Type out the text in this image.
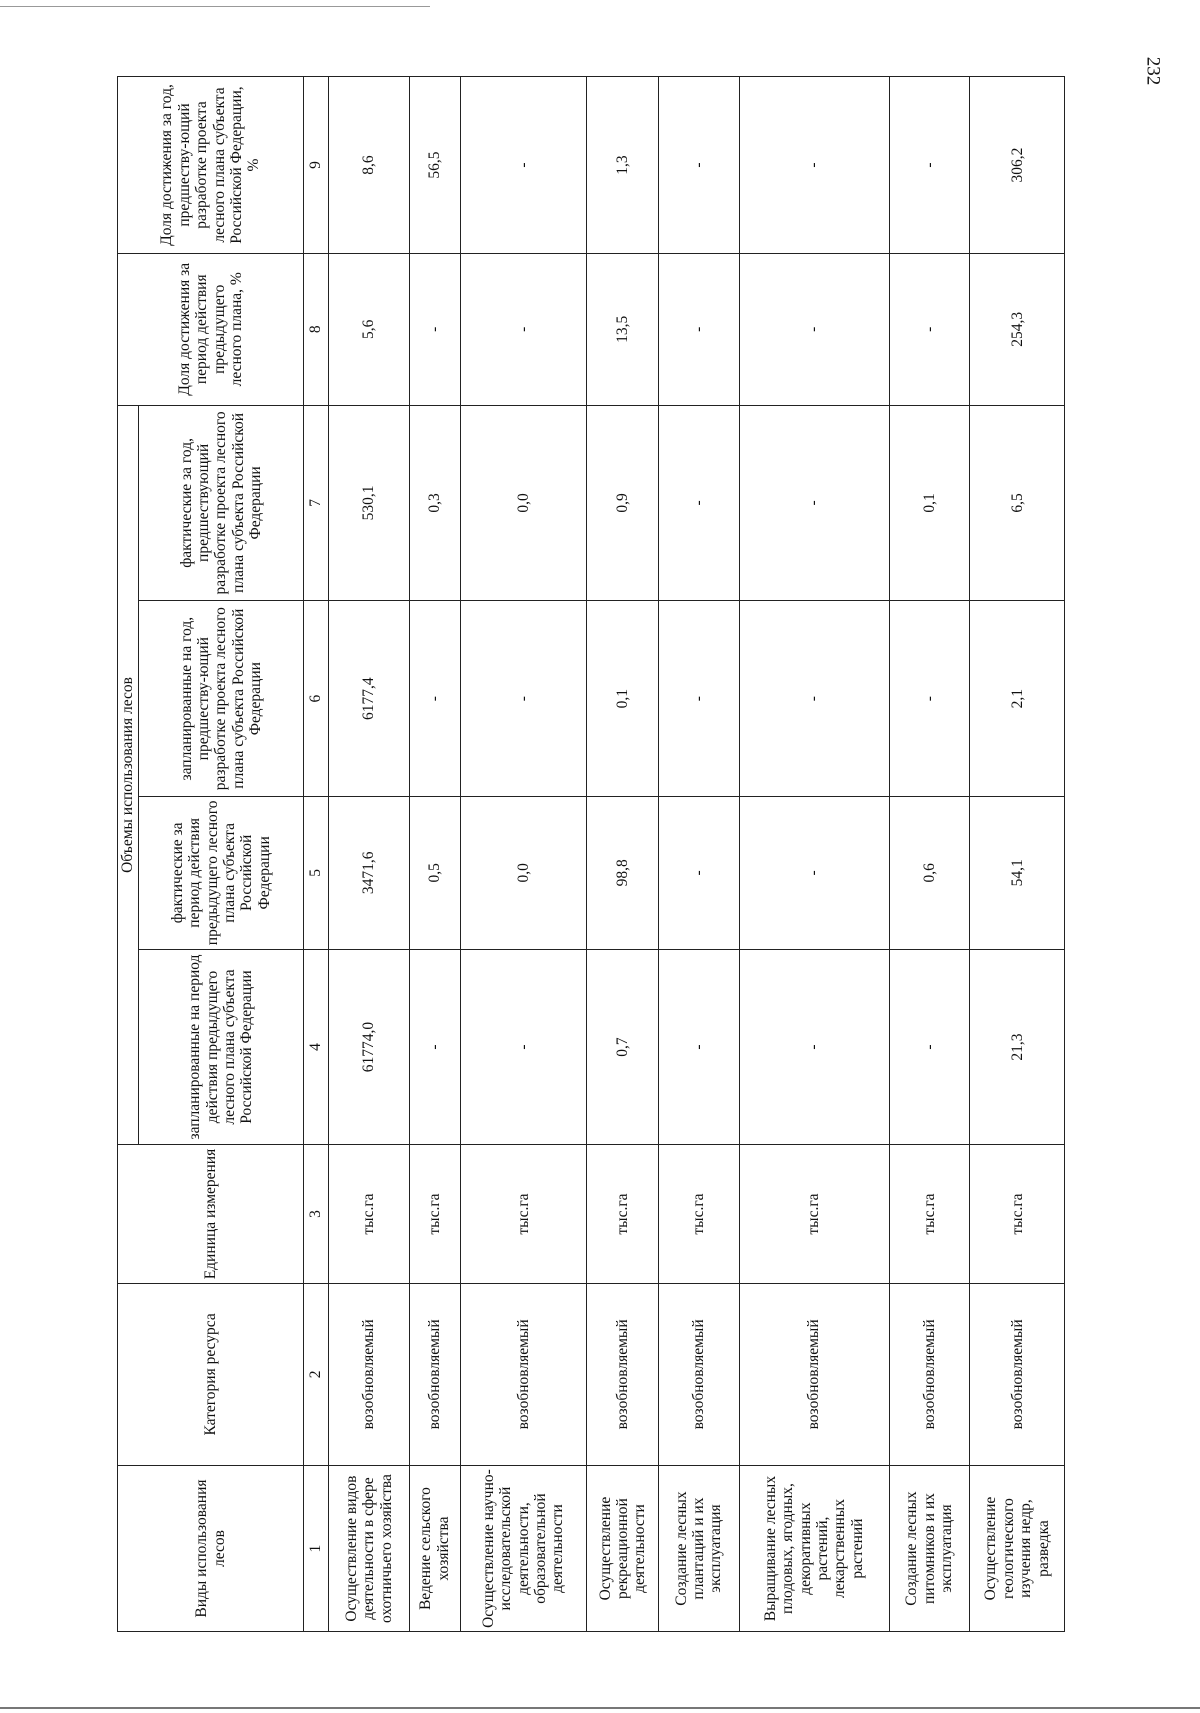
232
Виды использования лесов	Категория ресурса	Единица измерения	Объемы использования лесов				Доля достижения за период действия предыдущего лесного плана, %	Доля достижения за год, предшеству-ющий разработке проекта лесного плана субъекта Российской Федерации, %
			запланированные на период действия предыдущего лесного плана субъекта Российской Федерации	фактические за период действия предыдущего лесного плана субъекта Российской Федерации	запланированные на год, предшеству-ющий разработке проекта лесного плана субъекта Российской Федерации	фактические за год, предшествующий разработке проекта лесного плана субъекта Российской Федерации		
1	2	3	4	5	6	7	8	9
Осуществление видов деятельности в сфере охотничьего хозяйства	возобновляемый	тыс.га	61774,0	3471,6	6177,4	530,1	5,6	8,6
Ведение сельского хозяйства	возобновляемый	тыс.га	-	0,5	-	0,3	-	56,5
Осуществление научно-исследовательской деятельности, образовательной деятельности	возобновляемый	тыс.га	-	0,0	-	0,0	-	-
Осуществление рекреационной деятельности	возобновляемый	тыс.га	0,7	98,8	0,1	0,9	13,5	1,3
Создание лесных плантаций и их эксплуатация	возобновляемый	тыс.га	-	-	-	-	-	-
Выращивание лесных плодовых, ягодных, декоративных растений, лекарственных растений	возобновляемый	тыс.га	-	-	-	-	-	-
Создание лесных питомников и их эксплуатация	возобновляемый	тыс.га	-	0,6	-	0,1	-	-
Осуществление геологического изучения недр, разведка	возобновляемый	тыс.га	21,3	54,1	2,1	6,5	254,3	306,2
